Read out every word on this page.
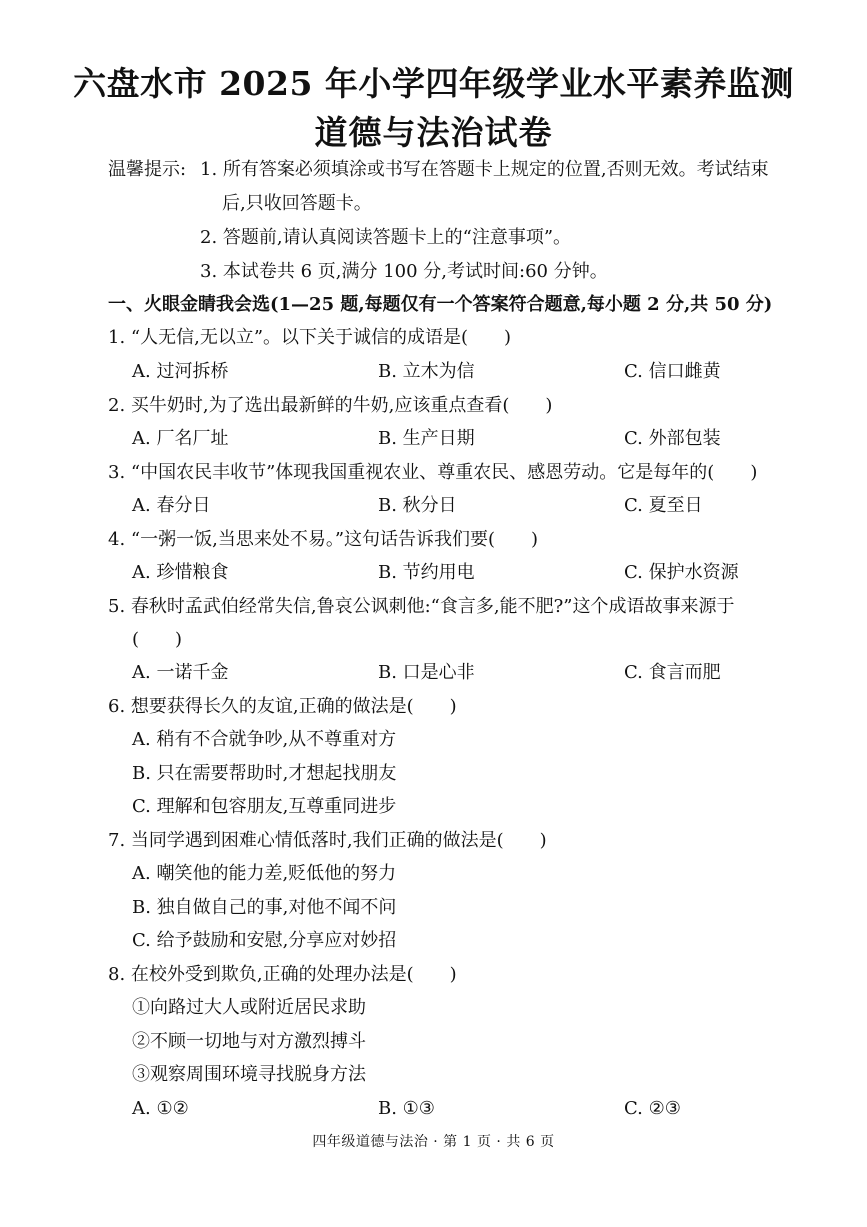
六盘水市 2025 年小学四年级学业水平素养监测
道德与法治试卷
温馨提示: 1. 所有答案必须填涂或书写在答题卡上规定的位置,否则无效。考试结束
后,只收回答题卡。
2. 答题前,请认真阅读答题卡上的“注意事项”。
3. 本试卷共 6 页,满分 100 分,考试时间:60 分钟。
一、火眼金睛我会选(1—25 题,每题仅有一个答案符合题意,每小题 2 分,共 50 分)
1. “人无信,无以立”。以下关于诚信的成语是(　　)
A. 过河拆桥	B. 立木为信	C. 信口雌黄
2. 买牛奶时,为了选出最新鲜的牛奶,应该重点查看(　　)
A. 厂名厂址	B. 生产日期	C. 外部包装
3. “中国农民丰收节”体现我国重视农业、尊重农民、感恩劳动。它是每年的(　　)
A. 春分日	B. 秋分日	C. 夏至日
4. “一粥一饭,当思来处不易。”这句话告诉我们要(　　)
A. 珍惜粮食	B. 节约用电	C. 保护水资源
5. 春秋时孟武伯经常失信,鲁哀公讽刺他:“食言多,能不肥?”这个成语故事来源于
(　　)
A. 一诺千金	B. 口是心非	C. 食言而肥
6. 想要获得长久的友谊,正确的做法是(　　)
A. 稍有不合就争吵,从不尊重对方
B. 只在需要帮助时,才想起找朋友
C. 理解和包容朋友,互尊重同进步
7. 当同学遇到困难心情低落时,我们正确的做法是(　　)
A. 嘲笑他的能力差,贬低他的努力
B. 独自做自己的事,对他不闻不问
C. 给予鼓励和安慰,分享应对妙招
8. 在校外受到欺负,正确的处理办法是(　　)
①向路过大人或附近居民求助
②不顾一切地与对方激烈搏斗
③观察周围环境寻找脱身方法
A. ①②	B. ①③	C. ②③
四年级道德与法治 · 第 1 页 · 共 6 页
